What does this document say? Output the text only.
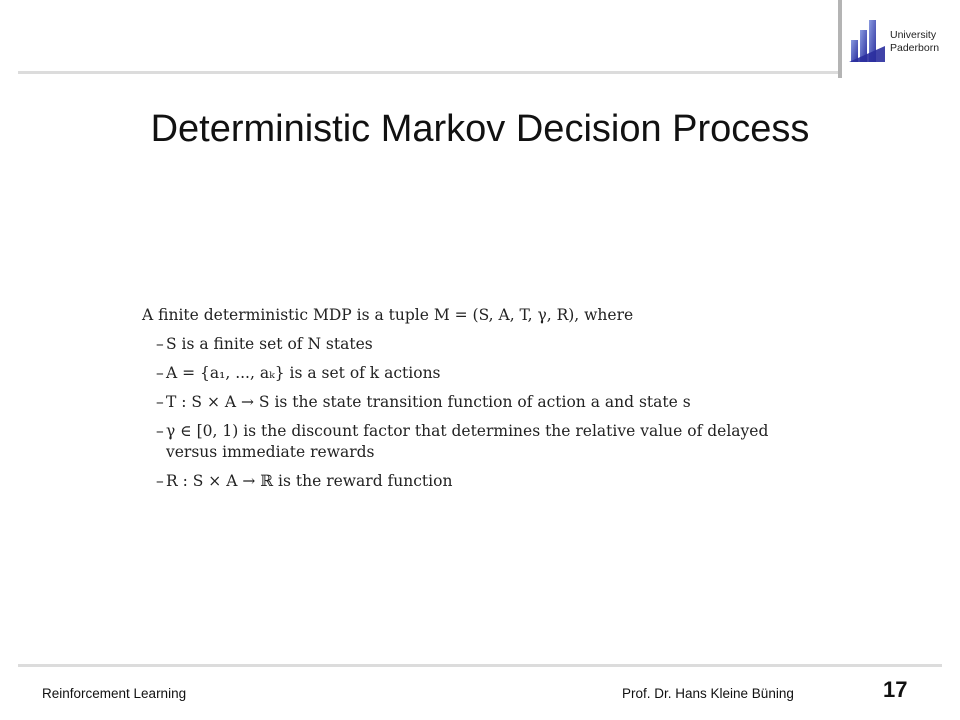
University
Paderborn
Deterministic Markov Decision Process

A finite deterministic MDP is a tuple M = (S, A, T, γ, R), where

– S is a finite set of N states
– A = {a₁, ..., aₖ} is a set of k actions
– T : S × A → S is the state transition function of action a and state s
– γ ∈ [0, 1) is the discount factor that determines the relative value of delayed versus immediate rewards
– R : S × A → ℝ is the reward function
Reinforcement Learning	Prof. Dr. Hans Kleine Büning	17
